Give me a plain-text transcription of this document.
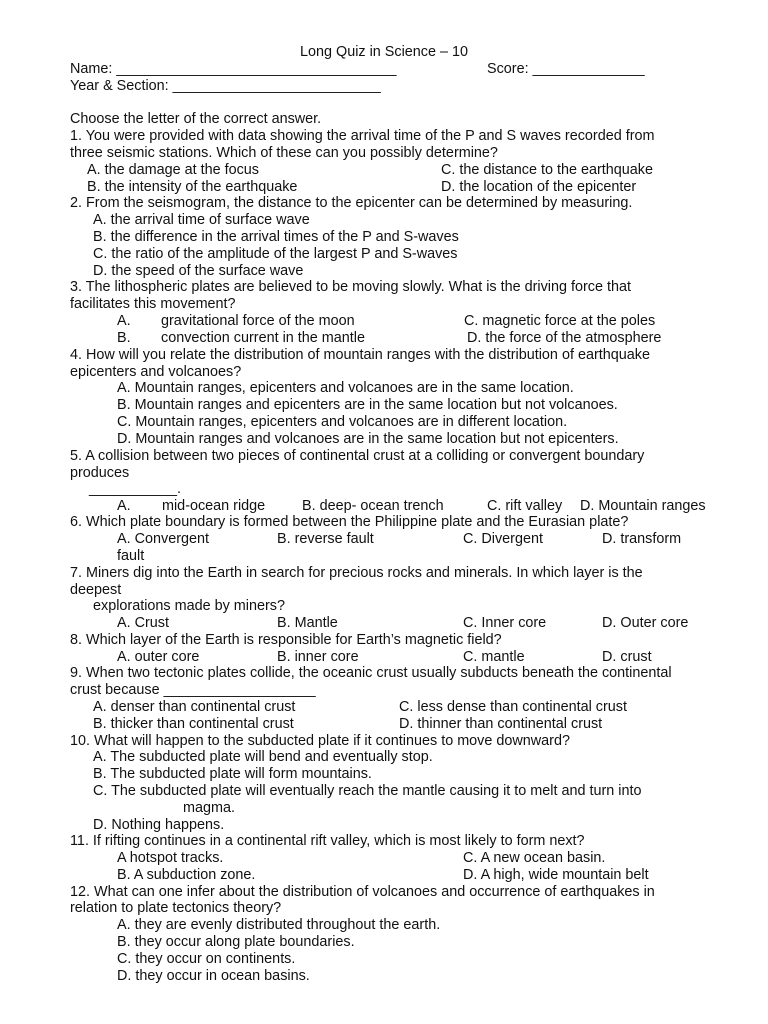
Long Quiz in Science – 10
Name: ___________________________________	Score: ______________
Year & Section: __________________________
Choose the letter of the correct answer.
1. You were provided with data showing the arrival time of the P and S waves recorded from
three seismic stations. Which of these can you possibly determine?
A. the damage at the focus	C. the distance to the earthquake
B. the intensity of the earthquake	D. the location of the epicenter
2. From the seismogram, the distance to the epicenter can be determined by measuring.
A. the arrival time of surface wave
B. the difference in the arrival times of the P and S-waves
C. the ratio of the amplitude of the largest P and S-waves
D. the speed of the surface wave
3. The lithospheric plates are believed to be moving slowly. What is the driving force that
facilitates this movement?
A. gravitational force of the moon	C. magnetic force at the poles
B. convection current in the mantle	D. the force of the atmosphere
4. How will you relate the distribution of mountain ranges with the distribution of earthquake
epicenters and volcanoes?
A. Mountain ranges, epicenters and volcanoes are in the same location.
B. Mountain ranges and epicenters are in the same location but not volcanoes.
C. Mountain ranges, epicenters and volcanoes are in different location.
D. Mountain ranges and volcanoes are in the same location but not epicenters.
5. A collision between two pieces of continental crust at a colliding or convergent boundary
produces
___________.
A. mid-ocean ridge	B. deep- ocean trench	C. rift valley D. Mountain ranges
6. Which plate boundary is formed between the Philippine plate and the Eurasian plate?
A. Convergent	B. reverse fault	C. Divergent	D. transform
fault
7. Miners dig into the Earth in search for precious rocks and minerals. In which layer is the
deepest
explorations made by miners?
A. Crust	B. Mantle	C. Inner core	D. Outer core
8. Which layer of the Earth is responsible for Earth’s magnetic field?
A. outer core	B. inner core	C. mantle	D. crust
9. When two tectonic plates collide, the oceanic crust usually subducts beneath the continental
crust because ___________________
A. denser than continental crust	C. less dense than continental crust
B. thicker than continental crust	D. thinner than continental crust
10. What will happen to the subducted plate if it continues to move downward?
A. The subducted plate will bend and eventually stop.
B. The subducted plate will form mountains.
C. The subducted plate will eventually reach the mantle causing it to melt and turn into
magma.
D. Nothing happens.
11. If rifting continues in a continental rift valley, which is most likely to form next?
A hotspot tracks.	C. A new ocean basin.
B. A subduction zone.	D. A high, wide mountain belt
12. What can one infer about the distribution of volcanoes and occurrence of earthquakes in
relation to plate tectonics theory?
A. they are evenly distributed throughout the earth.
B. they occur along plate boundaries.
C. they occur on continents.
D. they occur in ocean basins.
